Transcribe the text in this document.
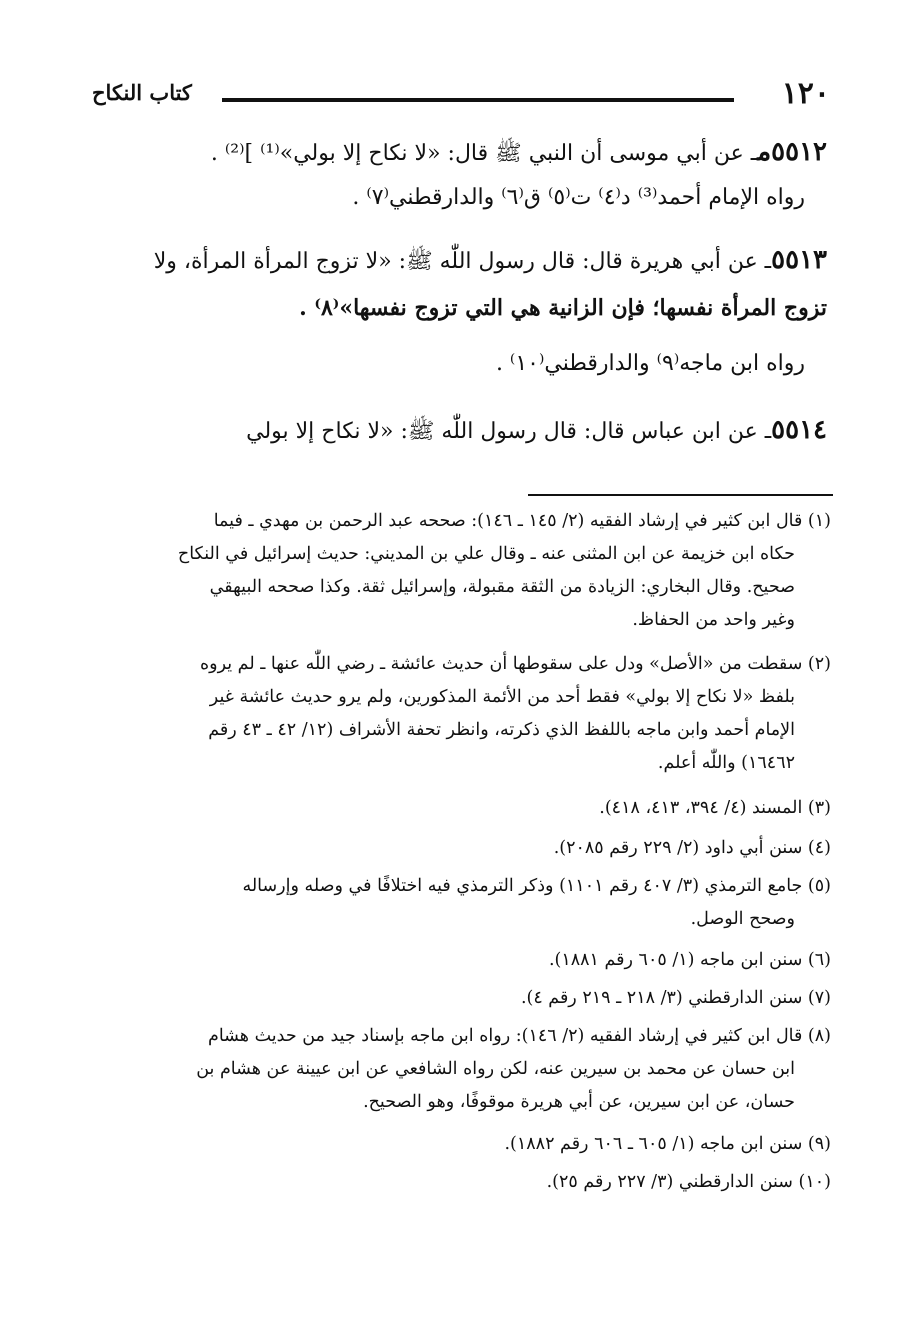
١٢٠
كتاب النكاح
٥٥١٢مـ عن أبي موسى أن النبي ﷺ قال: «لا نكاح إلا بولي»⁽¹⁾ ]⁽²⁾ .
رواه الإمام أحمد⁽³⁾ د⁽٤⁾ ت⁽٥⁾ ق⁽٦⁾ والدارقطني⁽٧⁾ .
٥٥١٣ـ عن أبي هريرة قال: قال رسول اللّٰه ﷺ: «لا تزوج المرأة المرأة، ولا
تزوج المرأة نفسها؛ فإن الزانية هي التي تزوج نفسها»⁽٨⁾ .
رواه ابن ماجه⁽٩⁾ والدارقطني⁽١٠⁾ .
٥٥١٤ـ عن ابن عباس قال: قال رسول اللّٰه ﷺ: «لا نكاح إلا بولي
(١) قال ابن كثير في إرشاد الفقيه (٢/ ١٤٥ ـ ١٤٦): صححه عبد الرحمن بن مهدي ـ فيما
حكاه ابن خزيمة عن ابن المثنى عنه ـ وقال علي بن المديني: حديث إسرائيل في النكاح
صحيح. وقال البخاري: الزيادة من الثقة مقبولة، وإسرائيل ثقة. وكذا صححه البيهقي
وغير واحد من الحفاظ.
(٢) سقطت من «الأصل» ودل على سقوطها أن حديث عائشة ـ رضي اللّٰه عنها ـ لم يروه
بلفظ «لا نكاح إلا بولي» فقط أحد من الأئمة المذكورين، ولم يرو حديث عائشة غير
الإمام أحمد وابن ماجه باللفظ الذي ذكرته، وانظر تحفة الأشراف (١٢/ ٤٢ ـ ٤٣ رقم
١٦٤٦٢) واللّٰه أعلم.
(٣) المسند (٤/ ٣٩٤، ٤١٣، ٤١٨).
(٤) سنن أبي داود (٢/ ٢٢٩ رقم ٢٠٨٥).
(٥) جامع الترمذي (٣/ ٤٠٧ رقم ١١٠١) وذكر الترمذي فيه اختلافًا في وصله وإرساله
وصحح الوصل.
(٦) سنن ابن ماجه (١/ ٦٠٥ رقم ١٨٨١).
(٧) سنن الدارقطني (٣/ ٢١٨ ـ ٢١٩ رقم ٤).
(٨) قال ابن كثير في إرشاد الفقيه (٢/ ١٤٦): رواه ابن ماجه بإسناد جيد من حديث هشام
ابن حسان عن محمد بن سيرين عنه، لكن رواه الشافعي عن ابن عيينة عن هشام بن
حسان، عن ابن سيرين، عن أبي هريرة موقوفًا، وهو الصحيح.
(٩) سنن ابن ماجه (١/ ٦٠٥ ـ ٦٠٦ رقم ١٨٨٢).
(١٠) سنن الدارقطني (٣/ ٢٢٧ رقم ٢٥).
